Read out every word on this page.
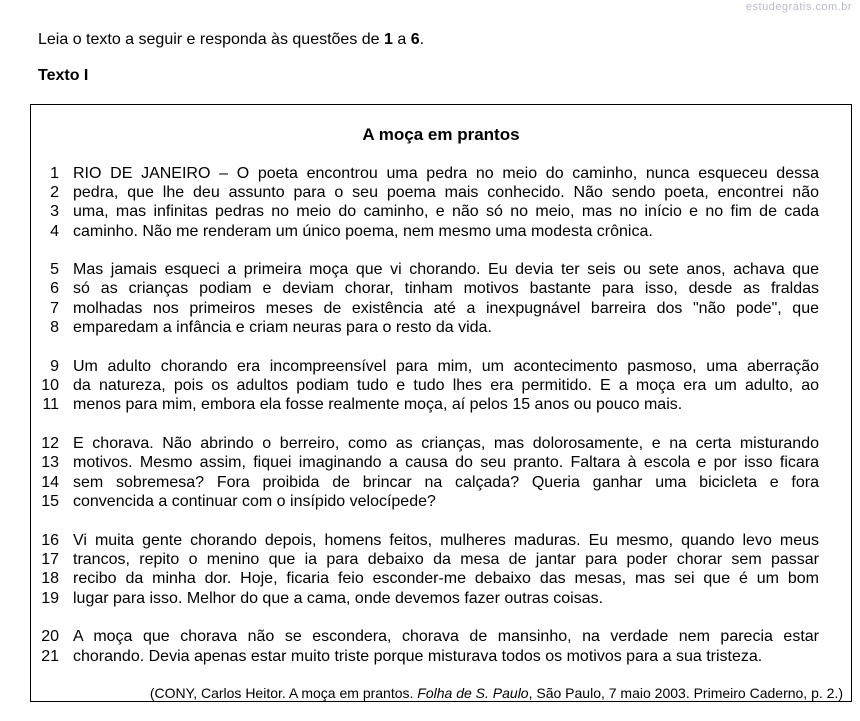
estudegratis.com.br
Leia o texto a seguir e responda às questões de 1 a 6.
Texto I
A moça em prantos
1 RIO DE JANEIRO – O poeta encontrou uma pedra no meio do caminho, nunca esqueceu dessa
2 pedra, que lhe deu assunto para o seu poema mais conhecido. Não sendo poeta, encontrei não
3 uma, mas infinitas pedras no meio do caminho, e não só no meio, mas no início e no fim de cada
4 caminho. Não me renderam um único poema, nem mesmo uma modesta crônica.
5 Mas jamais esqueci a primeira moça que vi chorando. Eu devia ter seis ou sete anos, achava que
6 só as crianças podiam e deviam chorar, tinham motivos bastante para isso, desde as fraldas
7 molhadas nos primeiros meses de existência até a inexpugnável barreira dos "não pode", que
8 emparedam a infância e criam neuras para o resto da vida.
9 Um adulto chorando era incompreensível para mim, um acontecimento pasmoso, uma aberração
10 da natureza, pois os adultos podiam tudo e tudo lhes era permitido. E a moça era um adulto, ao
11 menos para mim, embora ela fosse realmente moça, aí pelos 15 anos ou pouco mais.
12 E chorava. Não abrindo o berreiro, como as crianças, mas dolorosamente, e na certa misturando
13 motivos. Mesmo assim, fiquei imaginando a causa do seu pranto. Faltara à escola e por isso ficara
14 sem sobremesa? Fora proibida de brincar na calçada? Queria ganhar uma bicicleta e fora
15 convencida a continuar com o insípido velocípede?
16 Vi muita gente chorando depois, homens feitos, mulheres maduras. Eu mesmo, quando levo meus
17 trancos, repito o menino que ia para debaixo da mesa de jantar para poder chorar sem passar
18 recibo da minha dor. Hoje, ficaria feio esconder-me debaixo das mesas, mas sei que é um bom
19 lugar para isso. Melhor do que a cama, onde devemos fazer outras coisas.
20 A moça que chorava não se escondera, chorava de mansinho, na verdade nem parecia estar
21 chorando. Devia apenas estar muito triste porque misturava todos os motivos para a sua tristeza.
(CONY, Carlos Heitor. A moça em prantos. Folha de S. Paulo, São Paulo, 7 maio 2003. Primeiro Caderno, p. 2.)
